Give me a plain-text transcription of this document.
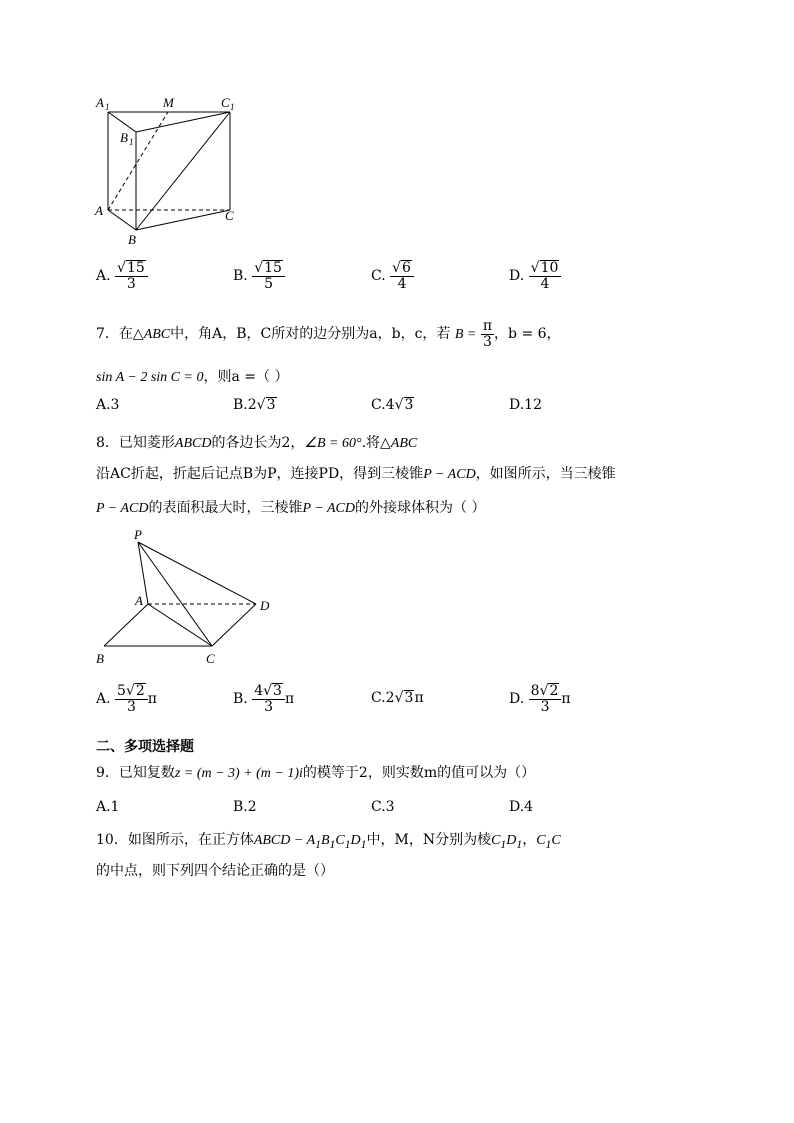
A 1	M	C 1
B 1
A	C
B
A. $\frac{√15}{3}$	B. $\frac{√15}{5}$	C. $\frac{√6}{4}$	D. $\frac{√10}{4}$
7．在△ABC中，角A，B，C所对的边分别为a，b，c，若 $B = \frac{\pi}{3}$ ，b = 6，
sin A − 2 sin C = 0，则a =（ ）
A.3	B.2√3	C.4√3	D.12
8．已知菱形ABCD的各边长为2，∠B = 60°.将△ABC
沿AC折起，折起后记点B为P，连接PD，得到三棱锥P − ACD，如图所示，当三棱锥
P − ACD的表面积最大时，三棱锥P − ACD的外接球体积为（ ）
P
A	D
B	C
A. $\frac{5√2}{3}$ π	B. $\frac{4√3}{3}$ π	C.2√3π	D. $\frac{8√2}{3}$ π
二、多项选择题
9．已知复数z = (m − 3) + (m − 1)i的模等于2，则实数m的值可以为（）
A.1	B.2	C.3	D.4
10．如图所示，在正方体ABCD − $A_1B_1C_1D_1$中，M，N分别为棱$C_1D_1$，$C_1C$
的中点，则下列四个结论正确的是（）
